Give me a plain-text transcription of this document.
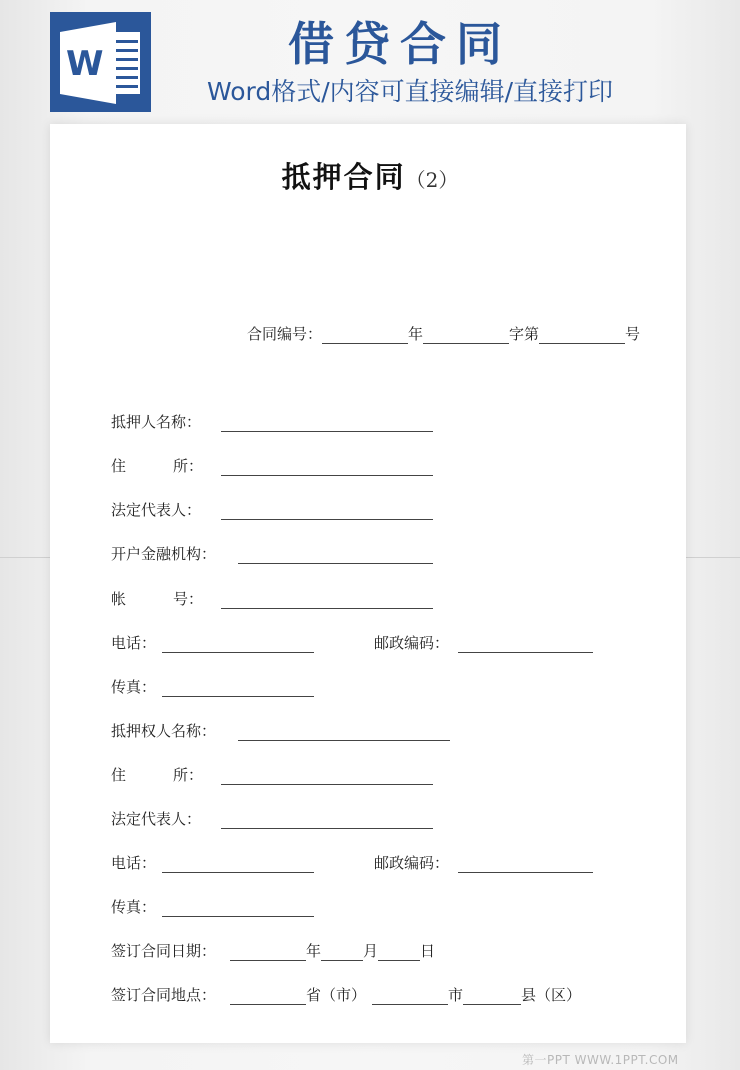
W	借贷合同
Word格式/内容可直接编辑/直接打印
抵押合同（2）
合同编号：	年	字第	号
抵押人名称：
住	所：
法定代表人：
开户金融机构：
帐	号：
电话：	邮政编码：
传真：
抵押权人名称：
住	所：
法定代表人：
电话：	邮政编码：
传真：
签订合同日期：	年	月	日
签订合同地点：	省（市）	市	县（区）
第一PPT WWW.1PPT.COM
